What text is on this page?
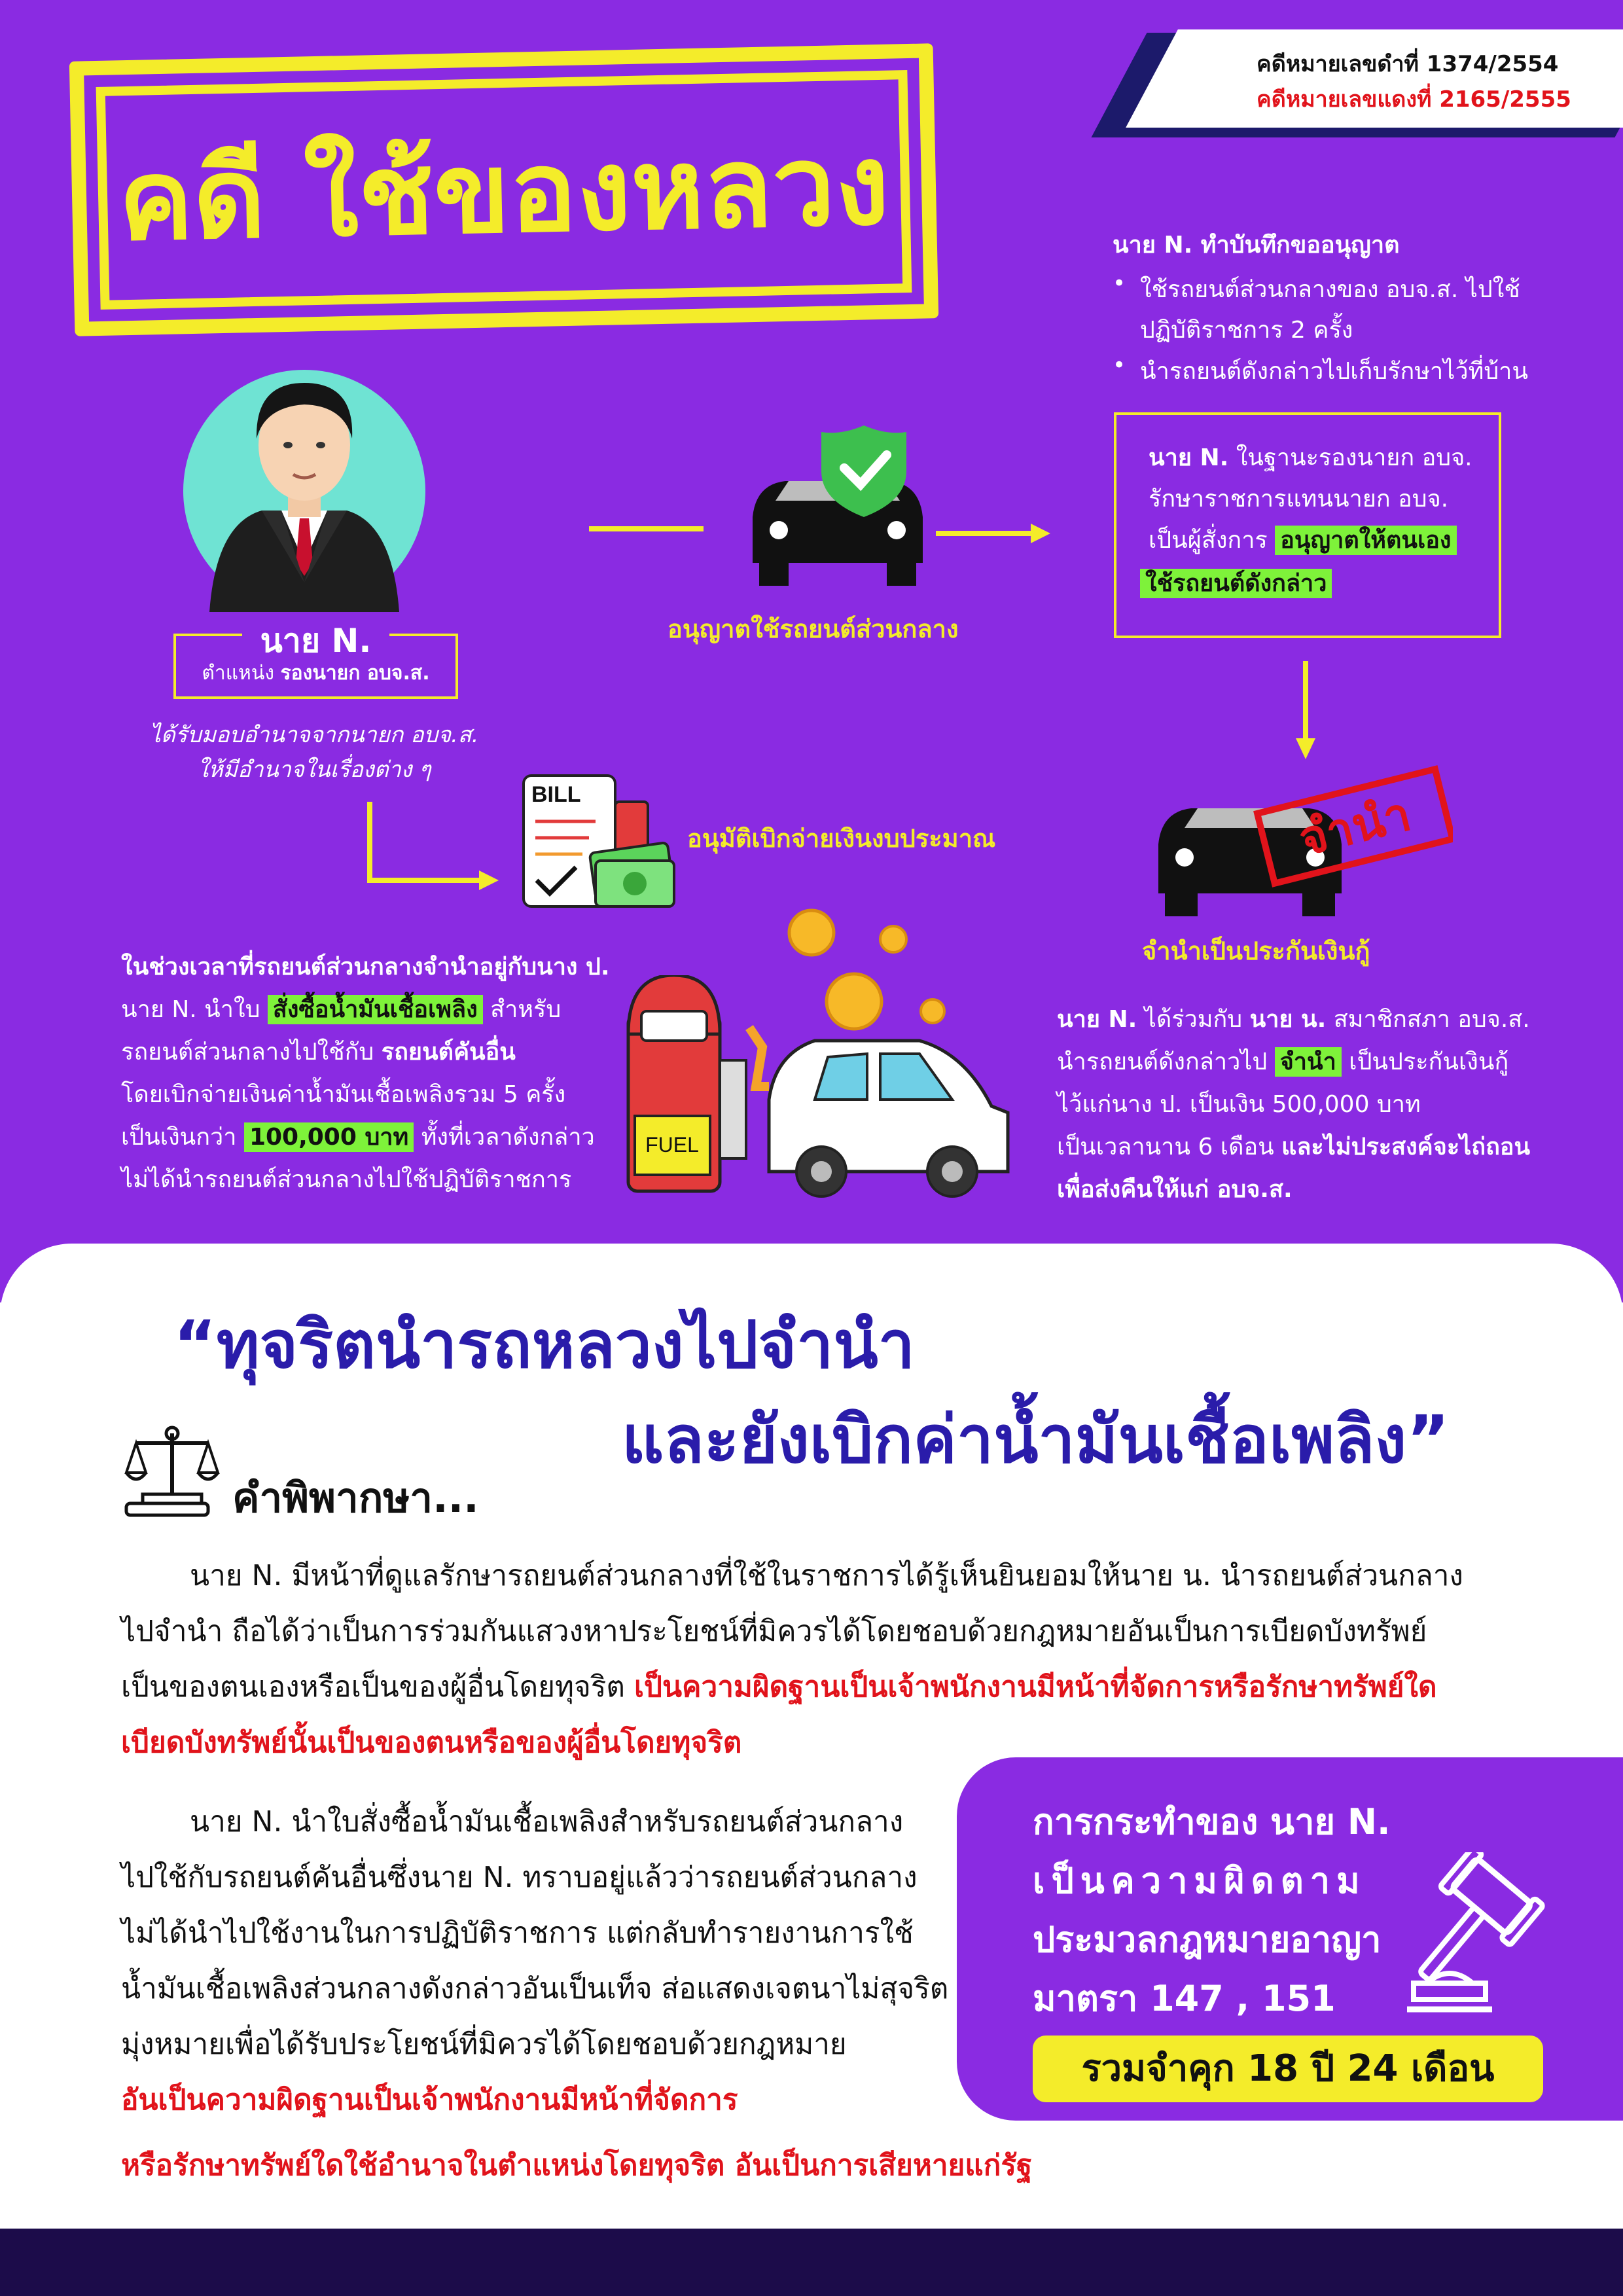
คดี ใช้ของหลวง
คดีหมายเลขดำที่ 1374/2554
คดีหมายเลขแดงที่ 2165/2555
นาย N.
ตำแหน่ง รองนายก อบจ.ส.
ได้รับมอบอำนาจจากนายก อบจ.ส.
ให้มีอำนาจในเรื่องต่าง ๆ
อนุญาตใช้รถยนต์ส่วนกลาง
นาย N. ทำบันทึกขออนุญาต
• ใช้รถยนต์ส่วนกลางของ อบจ.ส. ไปใช้
ปฏิบัติราชการ 2 ครั้ง
• นำรถยนต์ดังกล่าวไปเก็บรักษาไว้ที่บ้าน
นาย N. ในฐานะรองนายก อบจ.
รักษาราชการแทนนายก อบจ.
เป็นผู้สั่งการ อนุญาตให้ตนเอง
ใช้รถยนต์ดังกล่าว
BILL
อนุมัติเบิกจ่ายเงินงบประมาณ	จำนำ
จำนำเป็นประกันเงินกู้
ในช่วงเวลาที่รถยนต์ส่วนกลางจำนำอยู่กับนาง ป.
นาย N. นำใบ สั่งซื้อน้ำมันเชื้อเพลิง สำหรับ
รถยนต์ส่วนกลางไปใช้กับ รถยนต์คันอื่น
โดยเบิกจ่ายเงินค่าน้ำมันเชื้อเพลิงรวม 5 ครั้ง
เป็นเงินกว่า 100,000 บาท ทั้งที่เวลาดังกล่าว
ไม่ได้นำรถยนต์ส่วนกลางไปใช้ปฏิบัติราชการ
FUEL
นาย N. ได้ร่วมกับ นาย น. สมาชิกสภา อบจ.ส.
นำรถยนต์ดังกล่าวไป จำนำ เป็นประกันเงินกู้
ไว้แก่นาง ป. เป็นเงิน 500,000 บาท
เป็นเวลานาน 6 เดือน และไม่ประสงค์จะไถ่ถอน
เพื่อส่งคืนให้แก่ อบจ.ส.
“ทุจริตนำรถหลวงไปจำนำ
และยังเบิกค่าน้ำมันเชื้อเพลิง”
คำพิพากษา...
นาย N. มีหน้าที่ดูแลรักษารถยนต์ส่วนกลางที่ใช้ในราชการได้รู้เห็นยินยอมให้นาย น. นำรถยนต์ส่วนกลาง
ไปจำนำ ถือได้ว่าเป็นการร่วมกันแสวงหาประโยชน์ที่มิควรได้โดยชอบด้วยกฎหมายอันเป็นการเบียดบังทรัพย์
เป็นของตนเองหรือเป็นของผู้อื่นโดยทุจริต เป็นความผิดฐานเป็นเจ้าพนักงานมีหน้าที่จัดการหรือรักษาทรัพย์ใด
เบียดบังทรัพย์นั้นเป็นของตนหรือของผู้อื่นโดยทุจริต
นาย N. นำใบสั่งซื้อน้ำมันเชื้อเพลิงสำหรับรถยนต์ส่วนกลาง
ไปใช้กับรถยนต์คันอื่นซึ่งนาย N. ทราบอยู่แล้วว่ารถยนต์ส่วนกลาง
ไม่ได้นำไปใช้งานในการปฏิบัติราชการ แต่กลับทำรายงานการใช้
น้ำมันเชื้อเพลิงส่วนกลางดังกล่าวอันเป็นเท็จ ส่อแสดงเจตนาไม่สุจริต
มุ่งหมายเพื่อได้รับประโยชน์ที่มิควรได้โดยชอบด้วยกฎหมาย
อันเป็นความผิดฐานเป็นเจ้าพนักงานมีหน้าที่จัดการ
หรือรักษาทรัพย์ใดใช้อำนาจในตำแหน่งโดยทุจริต อันเป็นการเสียหายแก่รัฐ
การกระทำของ นาย N.
เป็นความผิดตาม
ประมวลกฎหมายอาญา
มาตรา 147 , 151
รวมจำคุก 18 ปี 24 เดือน
